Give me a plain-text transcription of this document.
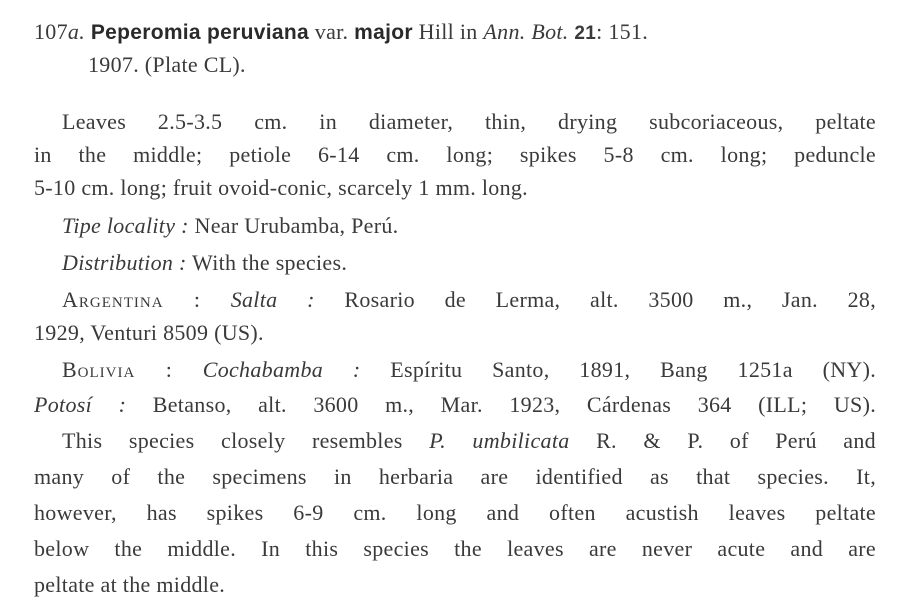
107a. Peperomia peruviana var. major Hill in Ann. Bot. 21: 151.
1907. (Plate CL).
Leaves 2.5-3.5 cm. in diameter, thin, drying subcoriaceous, peltate
in the middle; petiole 6-14 cm. long; spikes 5-8 cm. long; peduncle
5-10 cm. long; fruit ovoid-conic, scarcely 1 mm. long.
Tipe locality : Near Urubamba, Perú.
Distribution : With the species.
Argentina : Salta : Rosario de Lerma, alt. 3500 m., Jan. 28,
1929, Venturi 8509 (US).
Bolivia : Cochabamba : Espíritu Santo, 1891, Bang 1251a (NY).
Potosí : Betanso, alt. 3600 m., Mar. 1923, Cárdenas 364 (ILL; US).
This species closely resembles P. umbilicata R. & P. of Perú and
many of the specimens in herbaria are identified as that species. It,
however, has spikes 6-9 cm. long and often acustish leaves peltate
below the middle. In this species the leaves are never acute and are
peltate at the middle.
